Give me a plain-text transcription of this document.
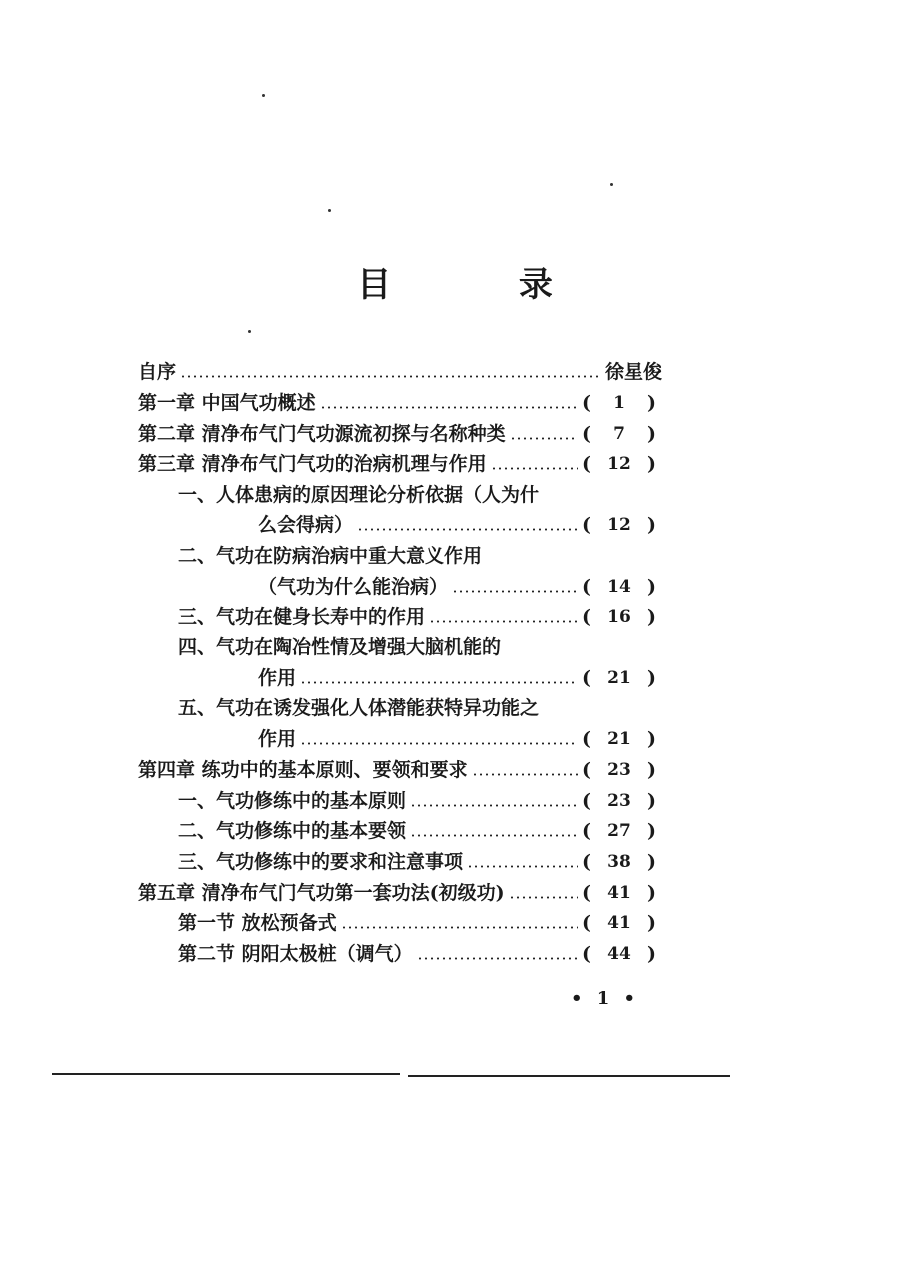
目 录
自序	徐星俊
第一章 中国气功概述	(	1	)
第二章 清净布气门气功源流初探与名称种类	(	7	)
第三章 清净布气门气功的治病机理与作用	( 12 )
一、人体患病的原因理论分析依据（人为什
么会得病）	( 12 )
二、气功在防病治病中重大意义作用
（气功为什么能治病）	( 14 )
三、气功在健身长寿中的作用	( 16 )
四、气功在陶冶性情及增强大脑机能的
作用	( 21 )
五、气功在诱发强化人体潜能获特异功能之
作用	( 21 )
第四章 练功中的基本原则、要领和要求	( 23 )
一、气功修练中的基本原则	( 23 )
二、气功修练中的基本要领	( 27 )
三、气功修练中的要求和注意事项	( 38 )
第五章 清净布气门气功第一套功法(初级功)	( 41 )
第一节 放松预备式	( 41 )
第二节 阴阳太极桩（调气）	( 44 )
• 1 •
